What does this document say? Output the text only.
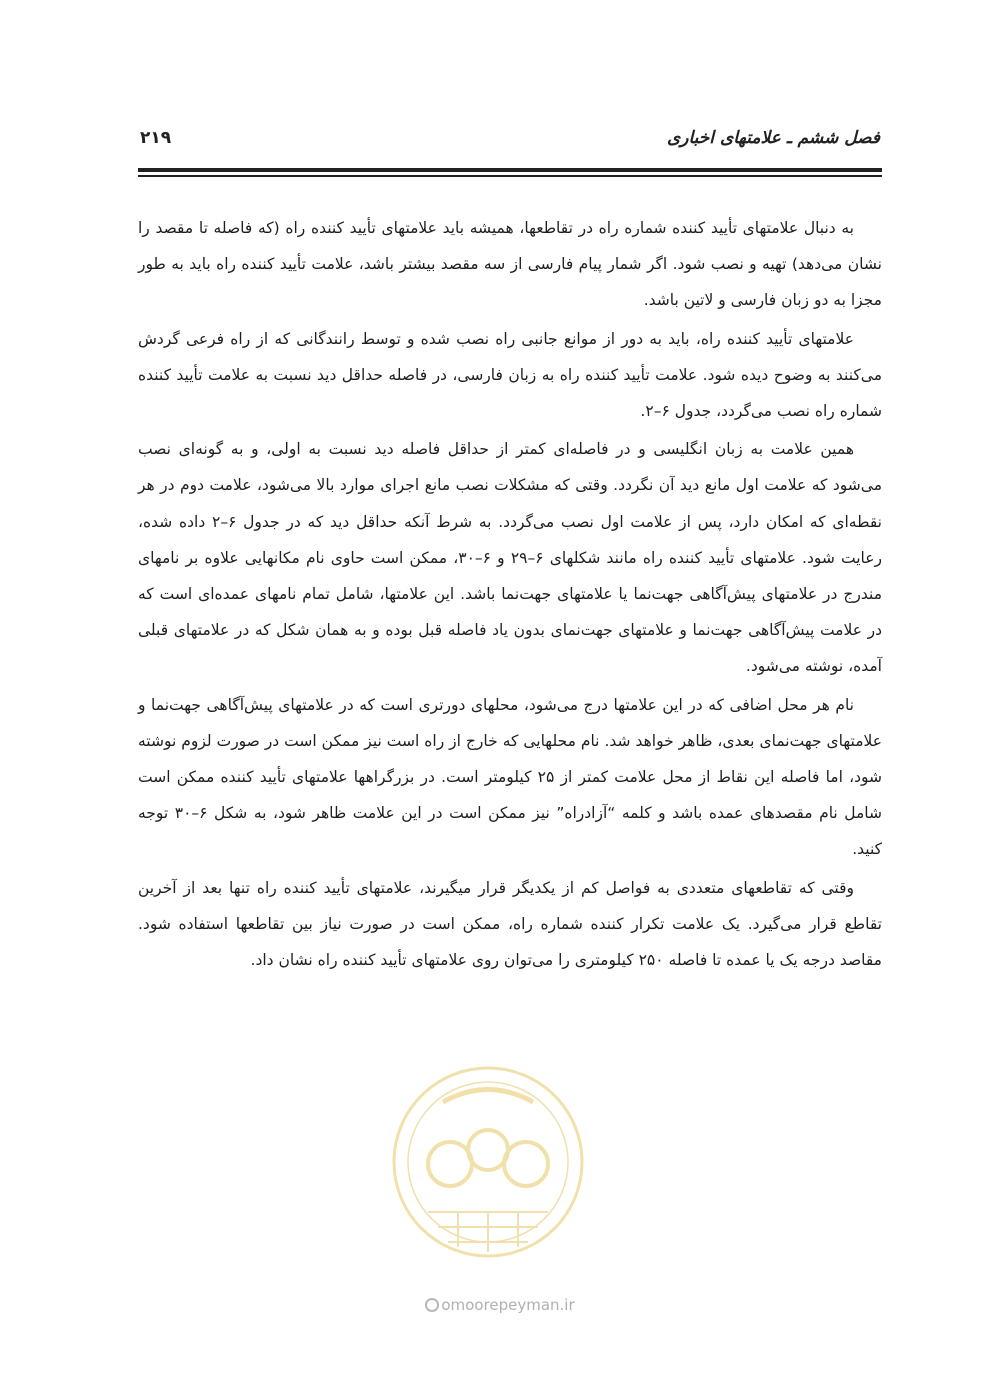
فصل ششم ـ علامتهای اخباری
۲۱۹

به دنبال علامتهای تأیید کننده شماره راه در تقاطعها، همیشه باید علامتهای تأیید کننده راه (که فاصله تا مقصد را نشان می‌دهد) تهیه و نصب شود. اگر شمار پیام فارسی از سه مقصد بیشتر باشد، علامت تأیید کننده راه باید به طور مجزا به دو زبان فارسی و لاتین باشد.

علامتهای تأیید کننده راه، باید به دور از موانع جانبی راه نصب شده و توسط رانندگانی که از راه فرعی گردش می‌کنند به وضوح دیده شود. علامت تأیید کننده راه به زبان فارسی، در فاصله حداقل دید نسبت به علامت تأیید کننده شماره راه نصب می‌گردد، جدول ۶–۲.

همین علامت به زبان انگلیسی و در فاصله‌ای کمتر از حداقل فاصله دید نسبت به اولی، و به گونه‌ای نصب می‌شود که علامت اول مانع دید آن نگردد. وقتی که مشکلات نصب مانع اجرای موارد بالا می‌شود، علامت دوم در هر نقطه‌ای که امکان دارد، پس از علامت اول نصب می‌گردد. به شرط آنکه حداقل دید که در جدول ۶–۲ داده شده، رعایت شود. علامتهای تأیید کننده راه مانند شکلهای ۶–۲۹ و ۶–۳۰، ممکن است حاوی نام مکانهایی علاوه بر نامهای مندرج در علامتهای پیش‌آگاهی جهت‌نما یا علامتهای جهت‌نما باشد. این علامتها، شامل تمام نامهای عمده‌ای است که در علامت پیش‌آگاهی جهت‌نما و علامتهای جهت‌نمای بدون یاد فاصله قبل بوده و به همان شکل که در علامتهای قبلی آمده، نوشته می‌شود.

نام هر محل اضافی که در این علامتها درج می‌شود، محلهای دورتری است که در علامتهای پیش‌آگاهی جهت‌نما و علامتهای جهت‌نمای بعدی، ظاهر خواهد شد. نام محلهایی که خارج از راه است نیز ممکن است در صورت لزوم نوشته شود، اما فاصله این نقاط از محل علامت کمتر از ۲۵ کیلومتر است. در بزرگراهها علامتهای تأیید کننده ممکن است شامل نام مقصدهای عمده باشد و کلمه “آزادراه” نیز ممکن است در این علامت ظاهر شود، به شکل ۶–۳۰ توجه کنید.

وقتی که تقاطعهای متعددی به فواصل کم از یکدیگر قرار میگیرند، علامتهای تأیید کننده راه تنها بعد از آخرین تقاطع قرار می‌گیرد. یک علامت تکرار کننده شماره راه، ممکن است در صورت نیاز بین تقاطعها استفاده شود. مقاصد درجه یک یا عمده تا فاصله ۲۵۰ کیلومتری را می‌توان روی علامتهای تأیید کننده راه نشان داد.

omoorepeyman.ir
